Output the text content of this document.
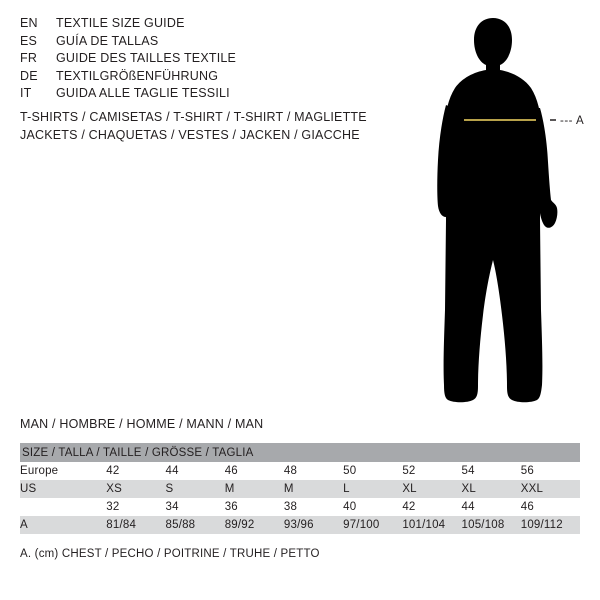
EN	TEXTILE SIZE GUIDE
ES	GUÍA DE TALLAS
FR	GUIDE DES TAILLES TEXTILE
DE	TEXTILGRÖßENFÜHRUNG
IT	GUIDA ALLE TAGLIE TESSILI
T-SHIRTS / CAMISETAS / T-SHIRT / T-SHIRT / MAGLIETTE
JACKETS / CHAQUETAS / VESTES / JACKEN / GIACCHE
--- A
MAN / HOMBRE / HOMME / MANN / MAN
SIZE / TALLA / TAILLE / GRÖSSE / TAGLIA								
Europe	42	44	46	48	50	52	54	56
US	XS	S	M	M	L	XL	XL	XXL
	32	34	36	38	40	42	44	46
A	81/84	85/88	89/92	93/96	97/100	101/104	105/108	109/112
A. (cm) CHEST / PECHO / POITRINE / TRUHE / PETTO
